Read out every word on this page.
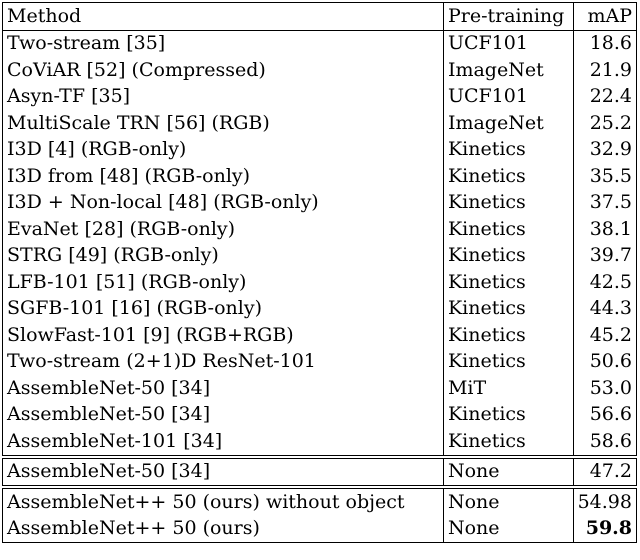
Method	Pre-training	mAP
Two-stream [35]	UCF101	18.6
CoViAR [52] (Compressed)	ImageNet	21.9
Asyn-TF [35]	UCF101	22.4
MultiScale TRN [56] (RGB)	ImageNet	25.2
I3D [4] (RGB-only)	Kinetics	32.9
I3D from [48] (RGB-only)	Kinetics	35.5
I3D + Non-local [48] (RGB-only)	Kinetics	37.5
EvaNet [28] (RGB-only)	Kinetics	38.1
STRG [49] (RGB-only)	Kinetics	39.7
LFB-101 [51] (RGB-only)	Kinetics	42.5
SGFB-101 [16] (RGB-only)	Kinetics	44.3
SlowFast-101 [9] (RGB+RGB)	Kinetics	45.2
Two-stream (2+1)D ResNet-101	Kinetics	50.6
AssembleNet-50 [34]	MiT	53.0
AssembleNet-50 [34]	Kinetics	56.6
AssembleNet-101 [34]	Kinetics	58.6
AssembleNet-50 [34]	None	47.2
AssembleNet++ 50 (ours) without object	None	54.98
AssembleNet++ 50 (ours)	None	59.8
